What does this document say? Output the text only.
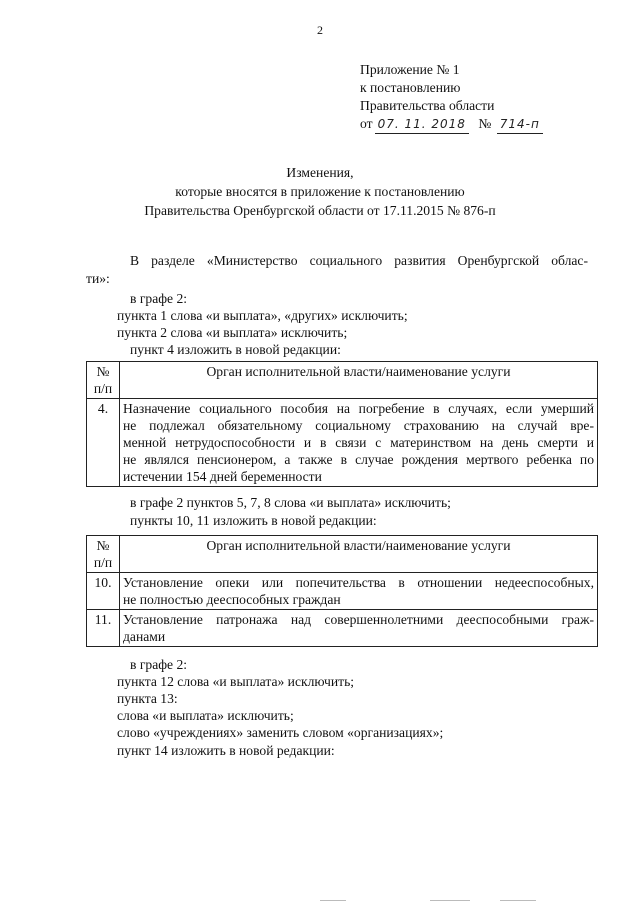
2
Приложение № 1
к постановлению
Правительства области
от 07. 11. 2018 № 714-п
Изменения,
которые вносятся в приложение к постановлению
Правительства Оренбургской области от 17.11.2015 № 876-п
В разделе «Министерство социального развития Оренбургской облас-
ти»:
в графе 2:
пункта 1 слова «и выплата», «других» исключить;
пункта 2 слова «и выплата» исключить;
пункт 4 изложить в новой редакции:
№
п/п	Орган исполнительной власти/наименование услуги
4.	Назначение социального пособия на погребение в случаях, если умерший
не подлежал обязательному социальному страхованию на случай вре-
менной нетрудоспособности и в связи с материнством на день смерти и
не являлся пенсионером, а также в случае рождения мертвого ребенка по
истечении 154 дней беременности
в графе 2 пунктов 5, 7, 8 слова «и выплата» исключить;
пункты 10, 11 изложить в новой редакции:
№
п/п	Орган исполнительной власти/наименование услуги
10.	Установление опеки или попечительства в отношении недееспособных,
не полностью дееспособных граждан

11.	Установление патронажа над совершеннолетними дееспособными граж-
данами
в графе 2:
пункта 12 слова «и выплата» исключить;
пункта 13:
слова «и выплата» исключить;
слово «учреждениях» заменить словом «организациях»;
пункт 14 изложить в новой редакции:
